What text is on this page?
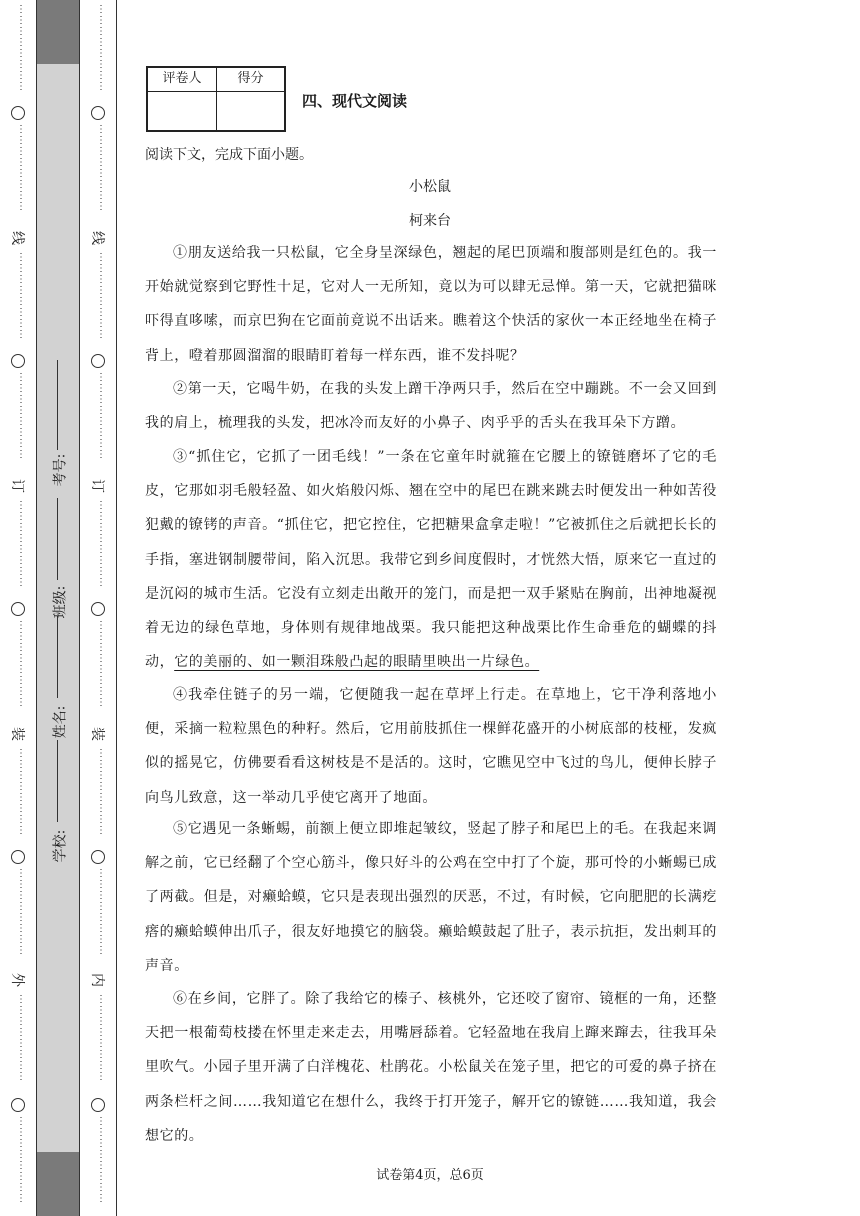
⋮
⋮
⋮
⋮
⋮
⋮
⋮
⋮
⋮
⋮
⋮
⋮
⋮
⋮
⋮
⋮
线
⋮
⋮
⋮
⋮
⋮
⋮
⋮
⋮
⋮
⋮
⋮
⋮
⋮
⋮
⋮
⋮
订
⋮
⋮
⋮
⋮
⋮
⋮
⋮
⋮
⋮
⋮
⋮
⋮
⋮
⋮
⋮
⋮
装
⋮
⋮
⋮
⋮
⋮
⋮
⋮
⋮
⋮
⋮
⋮
⋮
⋮
⋮
⋮
⋮
外
⋮
⋮
⋮
⋮
⋮
⋮
⋮
⋮
⋮
⋮
⋮
⋮
⋮
⋮
⋮
⋮
学校:
姓名:
班级:
考号:
⋮
⋮
⋮
⋮
⋮
⋮
⋮
⋮
⋮
⋮
⋮
⋮
⋮
⋮
⋮
⋮
线
⋮
⋮
⋮
⋮
⋮
⋮
⋮
⋮
⋮
⋮
⋮
⋮
⋮
⋮
⋮
⋮
订
⋮
⋮
⋮
⋮
⋮
⋮
⋮
⋮
⋮
⋮
⋮
⋮
⋮
⋮
⋮
⋮
装
⋮
⋮
⋮
⋮
⋮
⋮
⋮
⋮
⋮
⋮
⋮
⋮
⋮
⋮
⋮
⋮
内
⋮
⋮
⋮
⋮
⋮
⋮
⋮
⋮
⋮
⋮
⋮
⋮
⋮
⋮
⋮
⋮
评卷人	得分
四、现代文阅读
阅读下文，完成下面小题。
小松鼠
柯来台
①朋友送给我一只松鼠，它全身呈深绿色，翘起的尾巴顶端和腹部则是红色的。我一开始就觉察到它野性十足，它对人一无所知，竟以为可以肆无忌惮。第一天，它就把猫咪吓得直哆嗦，而京巴狗在它面前竟说不出话来。瞧着这个快活的家伙一本正经地坐在椅子背上，噔着那圆溜溜的眼睛盯着每一样东西，谁不发抖呢？
②第一天，它喝牛奶，在我的头发上蹭干净两只手，然后在空中蹦跳。不一会又回到我的肩上，梳理我的头发，把冰冷而友好的小鼻子、肉乎乎的舌头在我耳朵下方蹭。
③“抓住它，它抓了一团毛线！”一条在它童年时就箍在它腰上的镣链磨坏了它的毛皮，它那如羽毛般轻盈、如火焰般闪烁、翘在空中的尾巴在跳来跳去时便发出一种如苦役犯戴的镣铐的声音。“抓住它，把它控住，它把糖果盒拿走啦！”它被抓住之后就把长长的手指，塞进钢制腰带间，陷入沉思。我带它到乡间度假时，才恍然大悟，原来它一直过的是沉闷的城市生活。它没有立刻走出敞开的笼门，而是把一双手紧贴在胸前，出神地凝视着无边的绿色草地，身体则有规律地战栗。我只能把这种战栗比作生命垂危的蝴蝶的抖动，它的美丽的、如一颗泪珠般凸起的眼睛里映出一片绿色。
④我牵住链子的另一端，它便随我一起在草坪上行走。在草地上，它干净利落地小便，采摘一粒粒黑色的种籽。然后，它用前肢抓住一棵鲜花盛开的小树底部的枝桠，发疯似的摇晃它，仿佛要看看这树枝是不是活的。这时，它瞧见空中飞过的鸟儿，便伸长脖子向鸟儿致意，这一举动几乎使它离开了地面。
⑤它遇见一条蜥蜴，前额上便立即堆起皱纹，竖起了脖子和尾巴上的毛。在我起来调解之前，它已经翻了个空心筋斗，像只好斗的公鸡在空中打了个旋，那可怜的小蜥蜴已成了两截。但是，对癞蛤蟆，它只是表现出强烈的厌恶，不过，有时候，它向肥肥的长满疙瘩的癞蛤蟆伸出爪子，很友好地摸它的脑袋。癞蛤蟆鼓起了肚子，表示抗拒，发出刺耳的声音。
⑥在乡间，它胖了。除了我给它的榛子、核桃外，它还咬了窗帘、镜框的一角，还整天把一根葡萄枝搂在怀里走来走去，用嘴唇舔着。它轻盈地在我肩上蹿来蹿去，往我耳朵里吹气。小园子里开满了白洋槐花、杜鹃花。小松鼠关在笼子里，把它的可爱的鼻子挤在两条栏杆之间……我知道它在想什么，我终于打开笼子，解开它的镣链……我知道，我会想它的。
试卷第4页，总6页
